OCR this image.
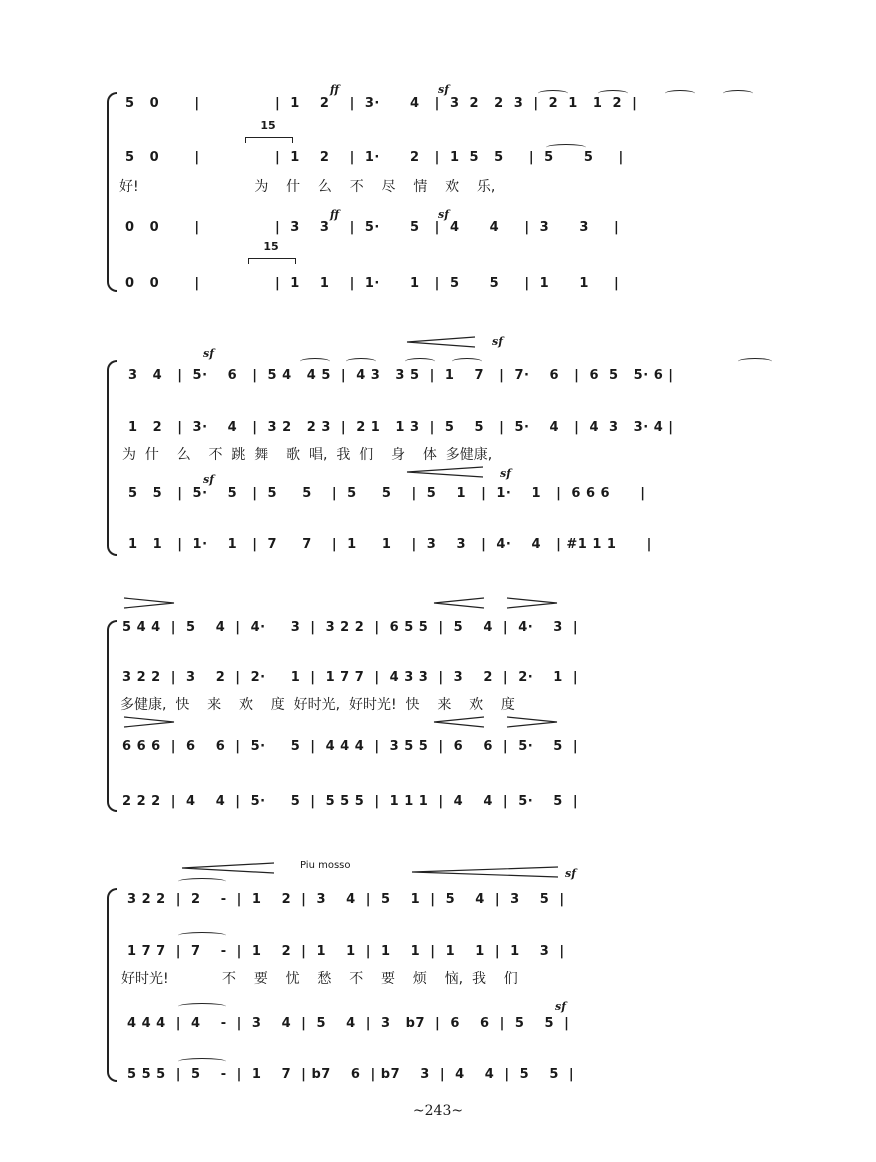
ff	sf
ff	sf
15
15
5   0       |               |  1    2    |  3·      4   |  3  2   2  3  |  2  1   1  2  |
5   0       |               |  1    2    |  1·      2   |  1  5   5     |  5      5     |
好!                          为    什    么    不    尽    情    欢    乐,
0   0       |               |  3    3    |  5·      5   |  4      4     |  3      3     |
0   0       |               |  1    1    |  1·      1   |  5      5     |  1      1     |
sf
sf
sf	sf
3   4   |  5·    6   |  5 4   4 5  |  4 3   3 5  |  1    7   |  7·    6   |  6  5   5· 6 |
1   2   |  3·    4   |  3 2   2 3  |  2 1   1 3  |  5    5   |  5·    4   |  4  3   3· 4 |
为  什    么    不  跳  舞    歌  唱,  我  们    身    体  多健康,
5   5   |  5·    5   |  5     5    |  5     5    |  5    1   |  1·    1   |  6 6 6      |
1   1   |  1·    1   |  7     7    |  1     1    |  3    3   |  4·    4   | #1 1 1      |
5 4 4  |  5    4  |  4·     3  |  3 2 2  |  6 5 5  |  5    4  |  4·    3  |
3 2 2  |  3    2  |  2·     1  |  1 7 7  |  4 3 3  |  3    2  |  2·    1  |
多健康,  快    来    欢    度  好时光,  好时光!  快    来    欢    度
6 6 6  |  6    6  |  5·     5  |  4 4 4  |  3 5 5  |  6    6  |  5·    5  |
2 2 2  |  4    4  |  5·     5  |  5 5 5  |  1 1 1  |  4    4  |  5·    5  |
Piu mosso
sf
sf
3 2 2  |  2    -  |  1    2  |  3    4  |  5    1  |  5    4  |  3    5  |
1 7 7  |  7    -  |  1    2  |  1    1  |  1    1  |  1    1  |  1    3  |
好时光!            不    要    忧    愁    不    要    烦    恼,  我    们
4 4 4  |  4    -  |  3    4  |  5    4  |  3   b7  |  6    6  |  5    5  |
5 5 5  |  5    -  |  1    7  | b7    6  | b7    3  |  4    4  |  5    5  |
~243~
